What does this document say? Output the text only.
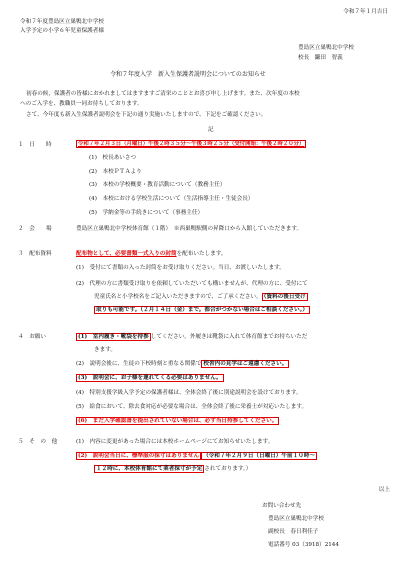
令和７年１月吉日
令和７年度豊島区立巣鴨北中学校
入学予定の小学６年児童保護者様
豊島区立巣鴨北中学校
校長　鎌田　智義
令和７年度入学　新入生保護者説明会についてのお知らせ
初春の候，保護者の皆様におかれましてはますますご清栄のこととお喜び申し上げます。また、次年度の本校
へのご入学を、教職員一同お待ちしております。
さて、今年度も新入生保護者説明会を下記の通り実施いたしますので、下記をご確認ください。
記
１　日　　時	令和７年２月３日（月曜日）午後２時３５分～午後３時２５分（受付開始：午後２時２０分）
(1)　校長あいさつ
(2)　本校ＰＴＡより
(3)　本校の学校概要・教育活動について（教務主任）
(4)　本校における学校生活について（生活指導主任・生徒会長）
(5)　学納金等の手続きについて（事務主任）
２　会　　場	豊島区立巣鴨北中学校体育館（１階）　※西巣鴨駅側の昇降口から入館していただきます。
３　配布資料	配布物として、必要書類一式入りの封筒を配布いたします。
(1)　受付にて書類の入った封筒をお受け取りください。当日、お渡しいたします。
(2)　代理の方に書類受け取りを依頼していただいても構いませんが、代理の方に、受付にて
児童氏名と小学校名をご記入いただきますので、ご了承ください。 （資料の後日受け
取りも可能です。（２月１４日（金）まで。都合がつかない場合はご相談ください。）
４　お願い	(1)　室内履き・靴袋を持参 してください。外履きは靴袋に入れて体育館までお持ちいただ
きます。
(2)　説明会後に、生徒の下校時刻と重なる関係で 校舎内の見学はご遠慮ください。
(3)　説明会に、お子様を連れてくる必要はありません。
(4)　特別支援学級入学予定の保護者様は、全体会終了後に別途説明会を設けております。
(5)　給食において、除去食対応が必要な場合は、全体会終了後に栄養士が対応いたします。
(6)　まだ入学確認書を提出されていない場合は、必ず当日持参してください。
５　そ　の　他	(1)　内容に変更があった場合には本校ホームページにてお知らせいたします。
(2)　説明会当日に、標準服の採寸はありません （令和７年２月９日（日曜日）午前１０時～
１２時に、本校体育館にて業者採寸が予定 されております。）
以上
お問い合わせ先
豊島区立巣鴨北中学校
副校長　春日利佳子
電話番号 03（3918）2144
